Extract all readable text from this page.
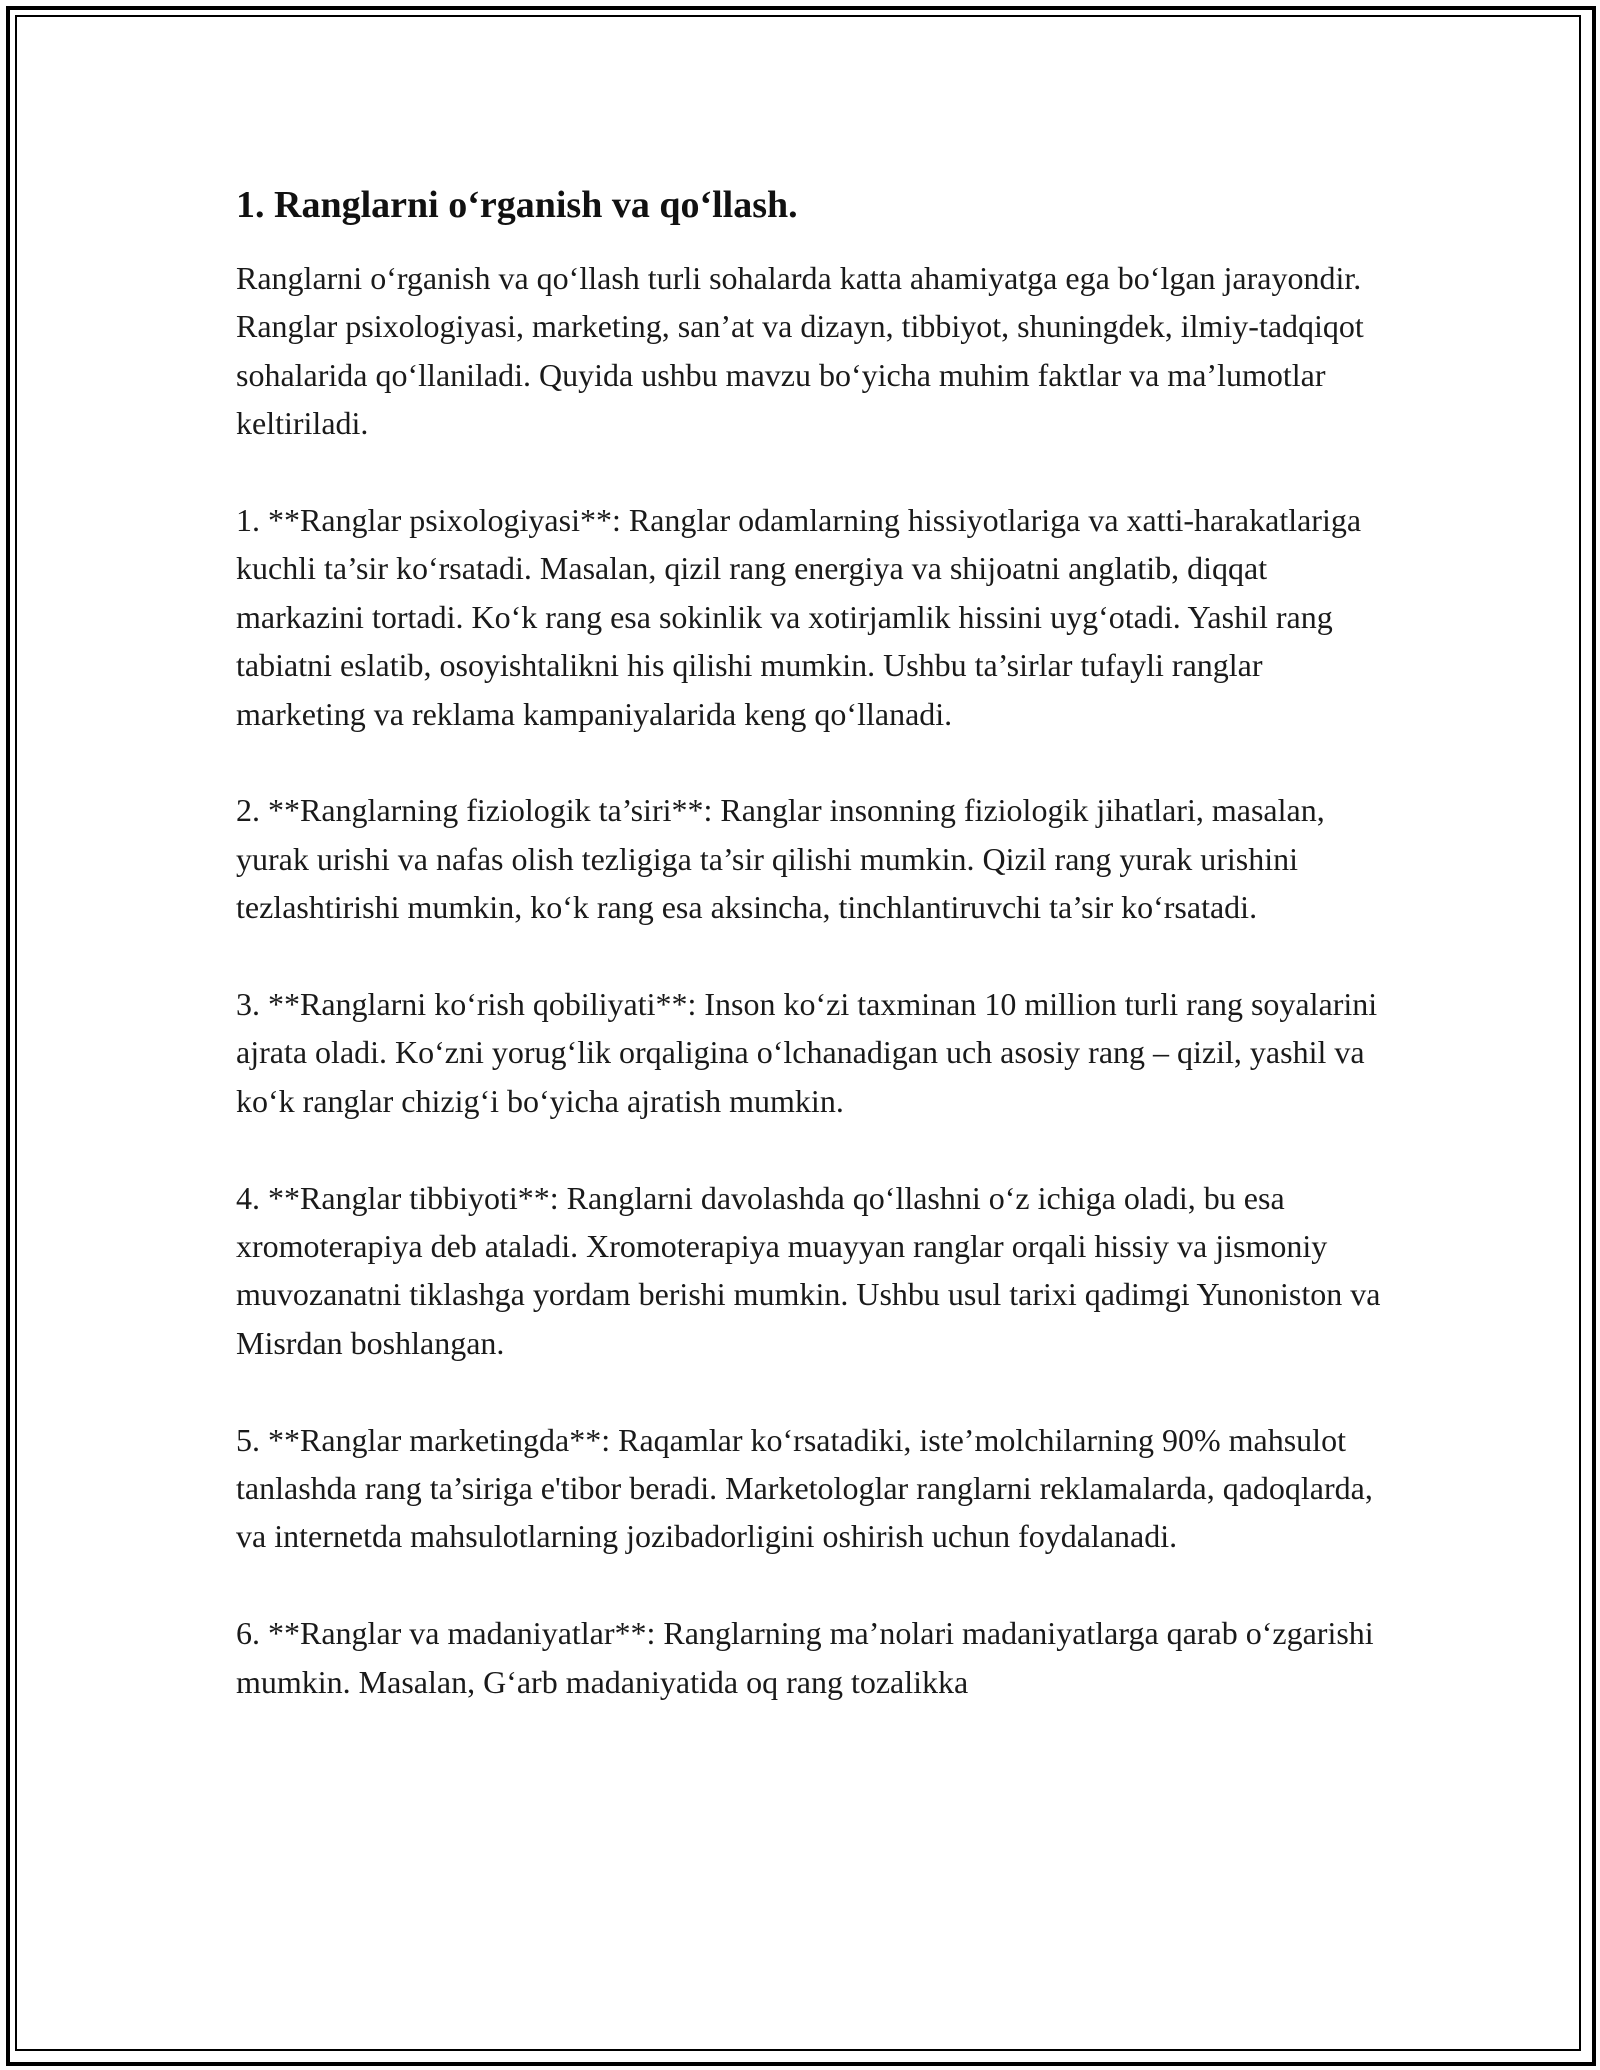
1. Ranglarni o‘rganish va qo‘llash.

Ranglarni o‘rganish va qo‘llash turli sohalarda katta ahamiyatga ega bo‘lgan jarayondir. Ranglar psixologiyasi, marketing, san’at va dizayn, tibbiyot, shuningdek, ilmiy-tadqiqot sohalarida qo‘llaniladi. Quyida ushbu mavzu bo‘yicha muhim faktlar va ma’lumotlar keltiriladi.

1. **Ranglar psixologiyasi**: Ranglar odamlarning hissiyotlariga va xatti-harakatlariga kuchli ta’sir ko‘rsatadi. Masalan, qizil rang energiya va shijoatni anglatib, diqqat markazini tortadi. Ko‘k rang esa sokinlik va xotirjamlik hissini uyg‘otadi. Yashil rang tabiatni eslatib, osoyishtalikni his qilishi mumkin. Ushbu ta’sirlar tufayli ranglar marketing va reklama kampaniyalarida keng qo‘llanadi.

2. **Ranglarning fiziologik ta’siri**: Ranglar insonning fiziologik jihatlari, masalan, yurak urishi va nafas olish tezligiga ta’sir qilishi mumkin. Qizil rang yurak urishini tezlashtirishi mumkin, ko‘k rang esa aksincha, tinchlantiruvchi ta’sir ko‘rsatadi.

3. **Ranglarni ko‘rish qobiliyati**: Inson ko‘zi taxminan 10 million turli rang soyalarini ajrata oladi. Ko‘zni yorug‘lik orqaligina o‘lchanadigan uch asosiy rang – qizil, yashil va ko‘k ranglar chizig‘i bo‘yicha ajratish mumkin.

4. **Ranglar tibbiyoti**: Ranglarni davolashda qo‘llashni o‘z ichiga oladi, bu esa xromoterapiya deb ataladi. Xromoterapiya muayyan ranglar orqali hissiy va jismoniy muvozanatni tiklashga yordam berishi mumkin. Ushbu usul tarixi qadimgi Yunoniston va Misrdan boshlangan.

5. **Ranglar marketingda**: Raqamlar ko‘rsatadiki, iste’molchilarning 90% mahsulot tanlashda rang ta’siriga e'tibor beradi. Marketologlar ranglarni reklamalarda, qadoqlarda, va internetda mahsulotlarning jozibadorligini oshirish uchun foydalanadi.

6. **Ranglar va madaniyatlar**: Ranglarning ma’nolari madaniyatlarga qarab o‘zgarishi mumkin. Masalan, G‘arb madaniyatida oq rang tozalikka
